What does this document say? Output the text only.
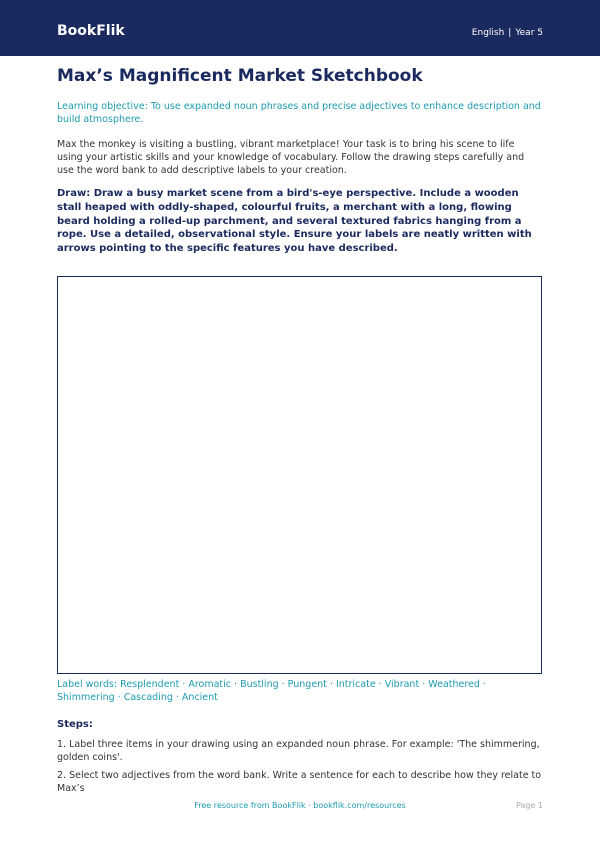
BookFlik	English | Year 5
Max’s Magnificent Market Sketchbook

Learning objective: To use expanded noun phrases and precise adjectives to enhance description and build atmosphere.

Max the monkey is visiting a bustling, vibrant marketplace! Your task is to bring his scene to life using your artistic skills and your knowledge of vocabulary. Follow the drawing steps carefully and use the word bank to add descriptive labels to your creation.

Draw: Draw a busy market scene from a bird's-eye perspective. Include a wooden stall heaped with oddly-shaped, colourful fruits, a merchant with a long, flowing beard holding a rolled-up parchment, and several textured fabrics hanging from a rope. Use a detailed, observational style. Ensure your labels are neatly written with arrows pointing to the specific features you have described.

Label words: Resplendent · Aromatic · Bustling · Pungent · Intricate · Vibrant · Weathered · Shimmering · Cascading · Ancient

Steps:
1. Label three items in your drawing using an expanded noun phrase. For example: 'The shimmering, golden coins'.
2. Select two adjectives from the word bank. Write a sentence for each to describe how they relate to Max’s
Free resource from BookFlik · bookflik.com/resources	Page 1
